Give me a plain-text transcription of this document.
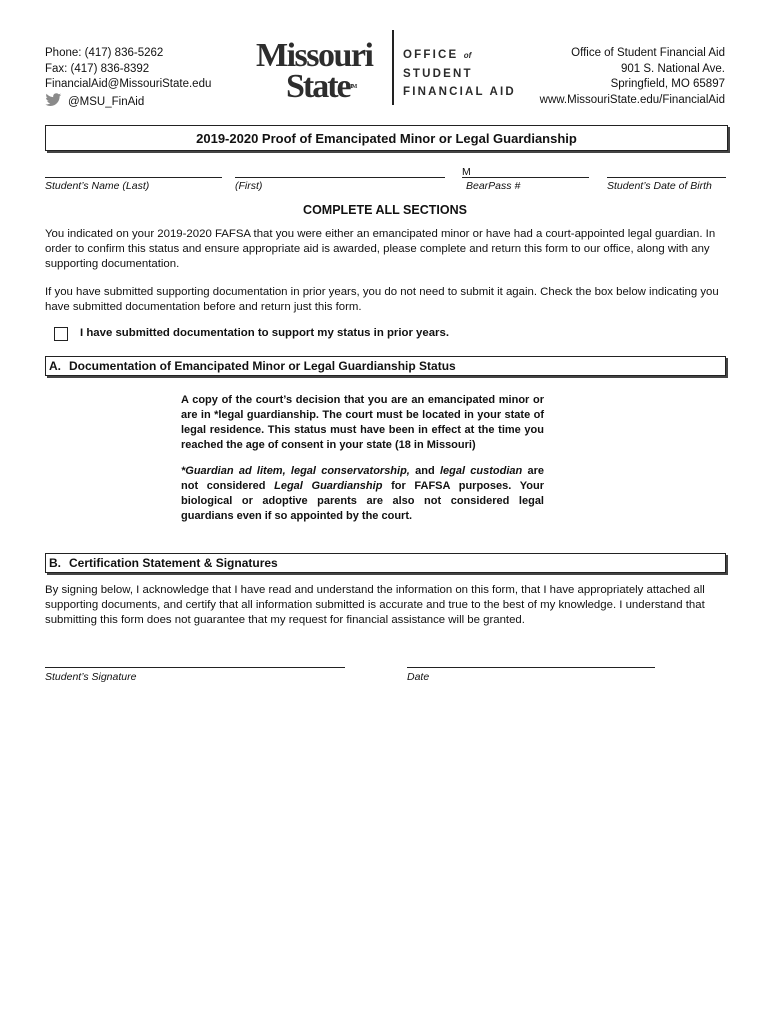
Phone: (417) 836-5262
Fax: (417) 836-8392
FinancialAid@MissouriState.edu
@MSU_FinAid
Missouri
StateTM
OFFICE of
STUDENT
FINANCIAL AID
Office of Student Financial Aid
901 S. National Ave.
Springfield, MO 65897
www.MissouriState.edu/FinancialAid
2019-2020 Proof of Emancipated Minor or Legal Guardianship
M
Student’s Name (Last)	(First)	BearPass #	Student’s Date of Birth
COMPLETE ALL SECTIONS
You indicated on your 2019-2020 FAFSA that you were either an emancipated minor or have had a court-appointed legal guardian. In order to confirm this status and ensure appropriate aid is awarded, please complete and return this form to our office, along with any supporting documentation.
If you have submitted supporting documentation in prior years, you do not need to submit it again. Check the box below indicating you have submitted documentation before and return just this form.
I have submitted documentation to support my status in prior years.
A. Documentation of Emancipated Minor or Legal Guardianship Status
A copy of the court’s decision that you are an emancipated minor or are in *legal guardianship. The court must be located in your state of legal residence. This status must have been in effect at the time you reached the age of consent in your state (18 in Missouri)
*Guardian ad litem, legal conservatorship, and legal custodian are not considered Legal Guardianship for FAFSA purposes. Your biological or adoptive parents are also not considered legal guardians even if so appointed by the court.
B. Certification Statement & Signatures
By signing below, I acknowledge that I have read and understand the information on this form, that I have appropriately attached all supporting documents, and certify that all information submitted is accurate and true to the best of my knowledge. I understand that submitting this form does not guarantee that my request for financial assistance will be granted.
Student’s Signature	Date
